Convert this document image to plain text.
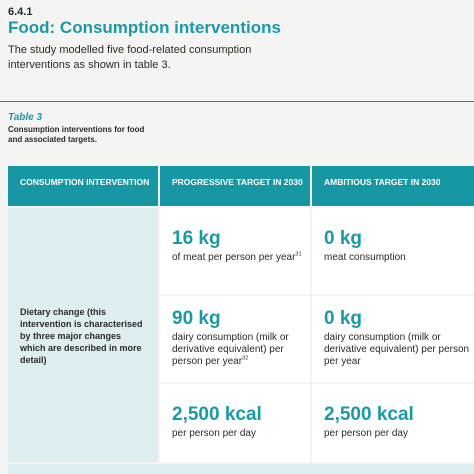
6.4.1
Food: Consumption interventions
The study modelled five food-related consumption interventions as shown in table 3.
Table 3
Consumption interventions for food and associated targets.
CONSUMPTION INTERVENTION	PROGRESSIVE TARGET IN 2030	AMBITIOUS TARGET IN 2030
Dietary change (this intervention is characterised by three major changes which are described in more detail)
16 kg
of meat per person per year$^{31}$
0 kg
meat consumption
90 kg
dairy consumption (milk or derivative equivalent) per person per year$^{32}$
0 kg
dairy consumption (milk or derivative equivalent) per person per year
2,500 kcal
per person per day
2,500 kcal
per person per day
